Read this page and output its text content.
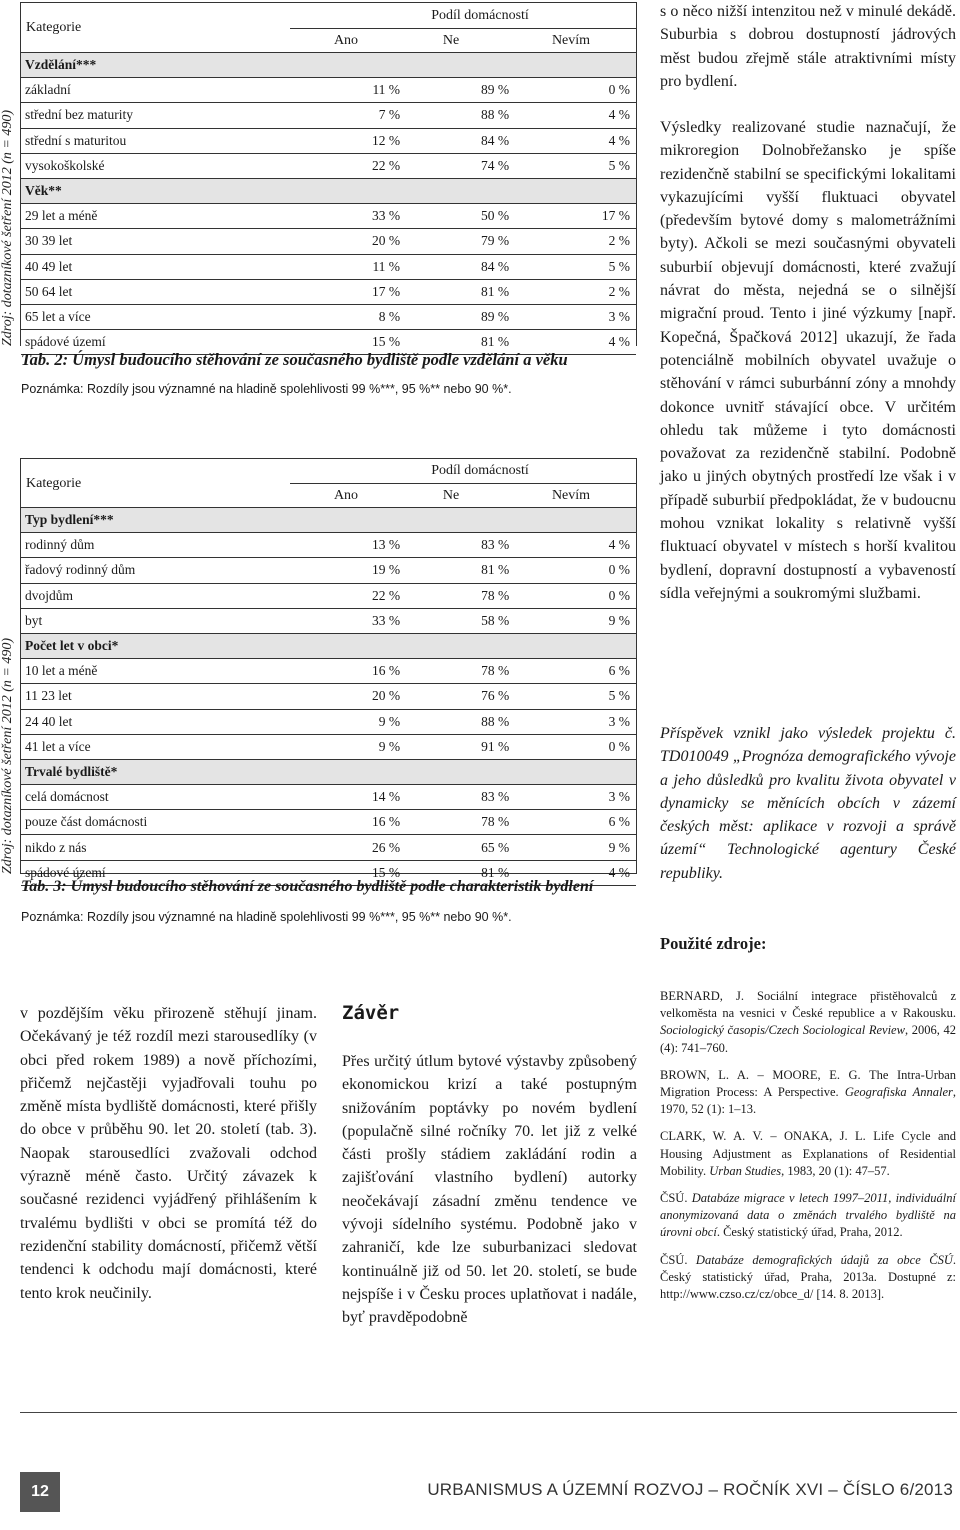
Zdroj: dotazníkové šetření 2012 (n = 490)
Kategorie
Podíl domácností
Ano	Ne	Nevím
Vzdělání***			
základní	11 %	89 %	0 %
střední bez maturity	7 %	88 %	4 %
střední s maturitou	12 %	84 %	4 %
vysokoškolské	22 %	74 %	5 %
Věk**			
29 let a méně	33 %	50 %	17 %
30 39 let	20 %	79 %	2 %
40 49 let	11 %	84 %	5 %
50 64 let	17 %	81 %	2 %
65 let a více	8 %	89 %	3 %
spádové území	15 %	81 %	4 %
Tab. 2: Úmysl budoucího stěhování ze současného bydliště podle vzdělání a věku
Poznámka: Rozdíly jsou významné na hladině spolehlivosti 99 %***, 95 %** nebo 90 %*.
Zdroj: dotazníkové šetření 2012 (n = 490)
Kategorie
Podíl domácností
Ano	Ne	Nevím
Typ bydlení***			
rodinný dům	13 %	83 %	4 %
řadový rodinný dům	19 %	81 %	0 %
dvojdům	22 %	78 %	0 %
byt	33 %	58 %	9 %
Počet let v obci*			
10 let a méně	16 %	78 %	6 %
11 23 let	20 %	76 %	5 %
24 40 let	9 %	88 %	3 %
41 let a více	9 %	91 %	0 %
Trvalé bydliště*			
celá domácnost	14 %	83 %	3 %
pouze část domácnosti	16 %	78 %	6 %
nikdo z nás	26 %	65 %	9 %
spádové území	15 %	81 %	4 %
Tab. 3: Úmysl budoucího stěhování ze současného bydliště podle charakteristik bydlení
Poznámka: Rozdíly jsou významné na hladině spolehlivosti 99 %***, 95 %** nebo 90 %*.
s o něco nižší intenzitou než v minulé dekádě. Suburbia s dobrou dostupností jádrových měst budou zřejmě stále atraktivními místy pro bydlení.
Výsledky realizované studie naznačují, že mikroregion Dolnobřežansko je spíše rezidenčně stabilní se specifickými lokalitami vykazujícími vyšší fluktuaci obyvatel (především bytové domy s malometrážními byty). Ačkoli se mezi současnými obyvateli suburbií objevují domácnosti, které zvažují návrat do města, nejedná se o silnější migrační proud. Tento i jiné výzkumy [např. Kopečná, Špačková 2012] ukazují, že řada potenciálně mobilních obyvatel uvažuje o stěhování v rámci suburbánní zóny a mnohdy dokonce uvnitř stávající obce. V určitém ohledu tak můžeme i tyto domácnosti považovat za rezidenčně stabilní. Podobně jako u jiných obytných prostředí lze však i v případě suburbií předpokládat, že v budoucnu mohou vznikat lokality s relativně vyšší fluktuací obyvatel v místech s horší kvalitou bydlení, dopravní dostupností a vybaveností sídla veřejnými a soukromými službami.
Příspěvek vznikl jako výsledek projektu č. TD010049 „Prognóza demografického vývoje a jeho důsledků pro kvalitu života obyvatel v dynamicky se měnících obcích v zázemí českých měst: aplikace v rozvoji a správě území“ Technologické agentury České republiky.
Použité zdroje:

BERNARD, J. Sociální integrace přistěhovalců z velkoměsta na vesnici v České republice a v Rakousku. Sociologický časopis/Czech Sociological Review, 2006, 42 (4): 741–760.

BROWN, L. A. – MOORE, E. G. The Intra-Urban Migration Process: A Perspective. Geografiska Annaler, 1970, 52 (1): 1–13.

CLARK, W. A. V. – ONAKA, J. L. Life Cycle and Housing Adjustment as Explanations of Residential Mobility. Urban Studies, 1983, 20 (1): 47–57.

ČSÚ. Databáze migrace v letech 1997–2011, individuální anonymizovaná data o změnách trvalého bydliště na úrovni obcí. Český statistický úřad, Praha, 2012.

ČSÚ. Databáze demografických údajů za obce ČSÚ. Český statistický úřad, Praha, 2013a. Dostupné z: http://www.czso.cz/cz/obce_d/ [14. 8. 2013].

v pozdějším věku přirozeně stěhují jinam. Očekávaný je též rozdíl mezi starousedlíky (v obci před rokem 1989) a nově příchozími, přičemž nejčastěji vyjadřovali touhu po změně místa bydliště domácnosti, které přišly do obce v průběhu 90. let 20. století (tab. 3). Naopak starousedlíci zvažovali odchod výrazně méně často. Určitý závazek k současné rezidenci vyjádřený přihlášením k trvalému bydlišti v obci se promítá též do rezidenční stability domácností, přičemž větší tendenci k odchodu mají domácnosti, které tento krok neučinily.
Závěr
Přes určitý útlum bytové výstavby způsobený ekonomickou krizí a také postupným snižováním poptávky po novém bydlení (populačně silné ročníky 70. let již z velké části prošly stádiem zakládání rodin a zajišťování vlastního bydlení) autorky neočekávají zásadní změnu tendence ve vývoji sídelního systému. Podobně jako v zahraničí, kde lze suburbanizaci sledovat kontinuálně již od 50. let 20. století, se bude nejspíše i v Česku proces uplatňovat i nadále, byť pravděpodobně
12	URBANISMUS A ÚZEMNÍ ROZVOJ – ROČNÍK XVI – ČÍSLO 6/2013
